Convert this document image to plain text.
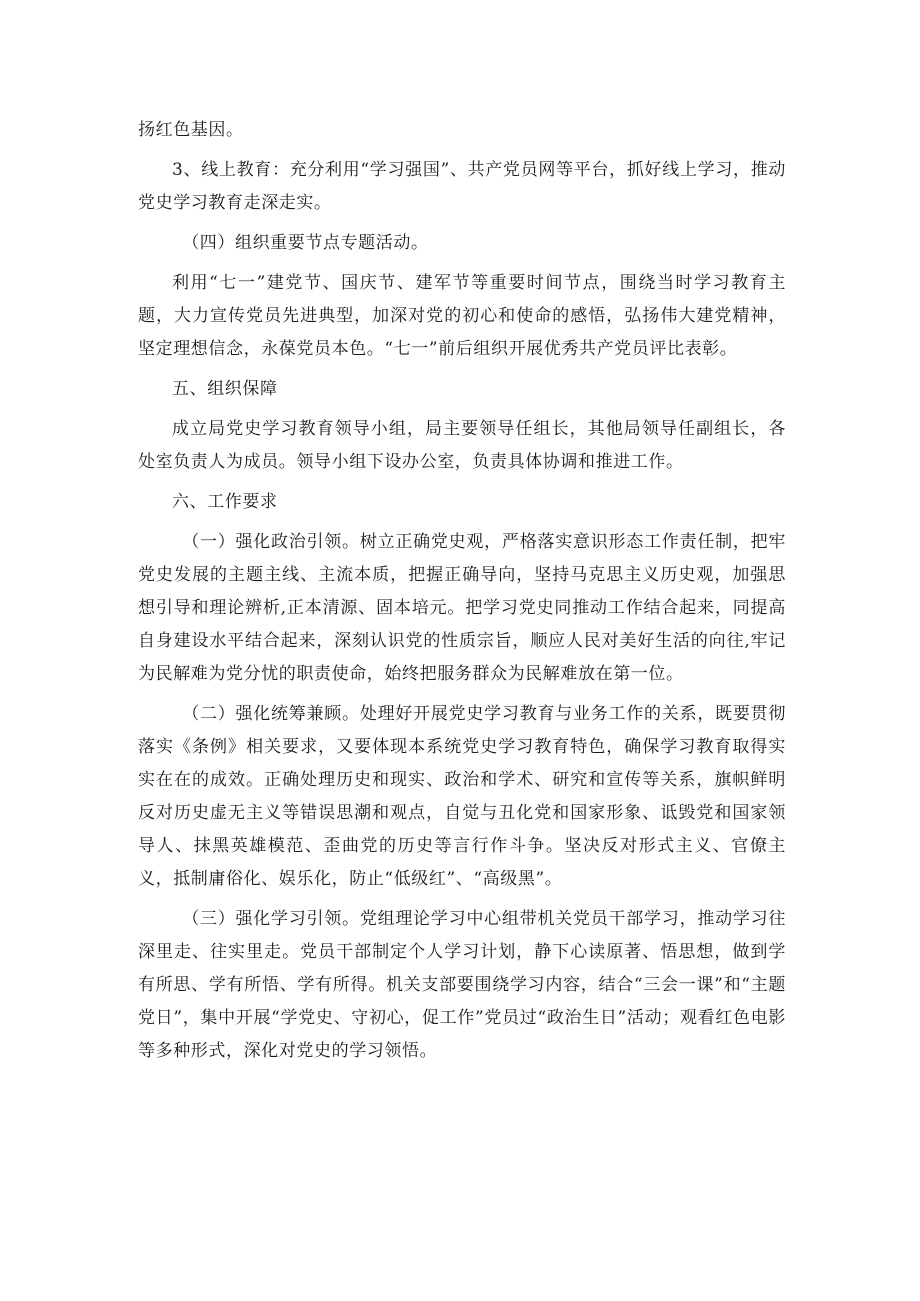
扬红色基因。

3、线上教育：充分利用“学习强国”、共产党员网等平台，抓好线上学习，推动党史学习教育走深走实。

（四）组织重要节点专题活动。

利用“七一”建党节、国庆节、建军节等重要时间节点，围绕当时学习教育主题，大力宣传党员先进典型，加深对党的初心和使命的感悟，弘扬伟大建党精神，坚定理想信念，永葆党员本色。“七一”前后组织开展优秀共产党员评比表彰。

五、组织保障

成立局党史学习教育领导小组，局主要领导任组长，其他局领导任副组长，各处室负责人为成员。领导小组下设办公室，负责具体协调和推进工作。

六、工作要求

（一）强化政治引领。树立正确党史观，严格落实意识形态工作责任制，把牢党史发展的主题主线、主流本质，把握正确导向，坚持马克思主义历史观，加强思想引导和理论辨析,正本清源、固本培元。把学习党史同推动工作结合起来，同提高自身建设水平结合起来，深刻认识党的性质宗旨，顺应人民对美好生活的向往,牢记为民解难为党分忧的职责使命，始终把服务群众为民解难放在第一位。

（二）强化统筹兼顾。处理好开展党史学习教育与业务工作的关系，既要贯彻落实《条例》相关要求，又要体现本系统党史学习教育特色，确保学习教育取得实实在在的成效。正确处理历史和现实、政治和学术、研究和宣传等关系，旗帜鲜明反对历史虚无主义等错误思潮和观点，自觉与丑化党和国家形象、诋毁党和国家领导人、抹黑英雄模范、歪曲党的历史等言行作斗争。坚决反对形式主义、官僚主义，抵制庸俗化、娱乐化，防止“低级红”、“高级黑”。

（三）强化学习引领。党组理论学习中心组带机关党员干部学习，推动学习往深里走、往实里走。党员干部制定个人学习计划，静下心读原著、悟思想，做到学有所思、学有所悟、学有所得。机关支部要围绕学习内容，结合“三会一课”和“主题党日”，集中开展“学党史、守初心，促工作”党员过“政治生日”活动；观看红色电影等多种形式，深化对党史的学习领悟。
